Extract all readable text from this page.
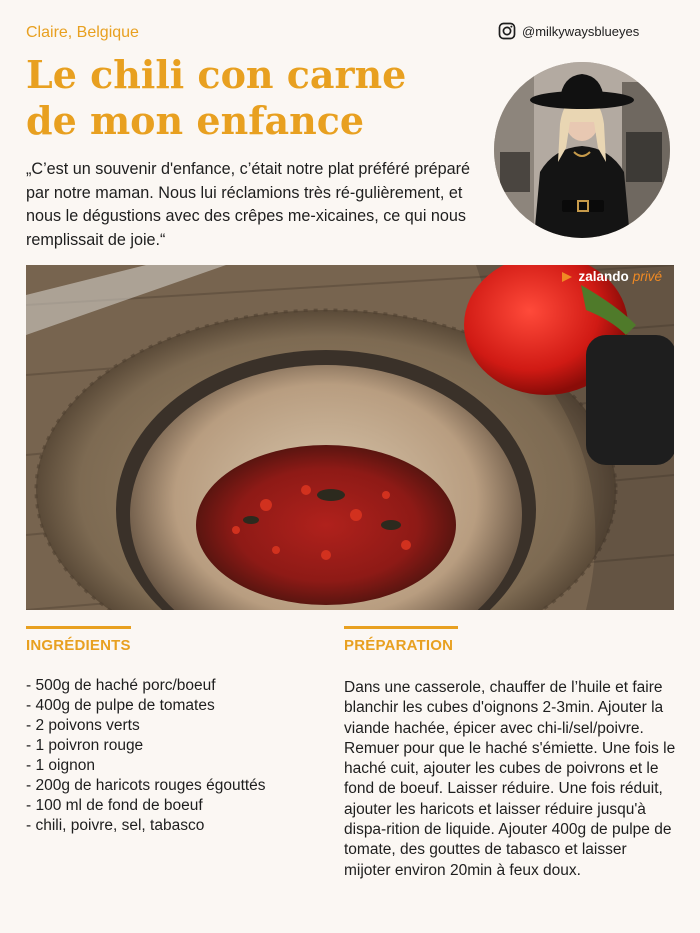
Claire, Belgique
Le chili con carne
de mon enfance
@milkywaysblueyes
„C’est un souvenir d'enfance, c’était notre plat préféré préparé par notre maman. Nous lui réclamions très ré-gulièrement, et nous le dégustions avec des crêpes me-xicaines, ce qui nous remplissait de joie.“
zalando privé
INGRÉDIENTS	PRÉPARATION
- 500g de haché porc/boeuf
- 400g de pulpe de tomates
- 2 poivons verts
- 1 poivron rouge
- 1 oignon
- 200g de haricots rouges égouttés
- 100 ml de fond de boeuf
- chili, poivre, sel, tabasco

Dans une casserole, chauffer de l’huile et faire blanchir les cubes d'oignons 2-3min. Ajouter la viande hachée, épicer avec chi-li/sel/poivre. Remuer pour que le haché s'émiette. Une fois le haché cuit, ajouter les cubes de poivrons et le fond de boeuf. Laisser réduire. Une fois réduit, ajouter les haricots et laisser réduire jusqu'à dispa-rition de liquide. Ajouter 400g de pulpe de tomate, des gouttes de tabasco et laisser mijoter environ 20min à feux doux.
